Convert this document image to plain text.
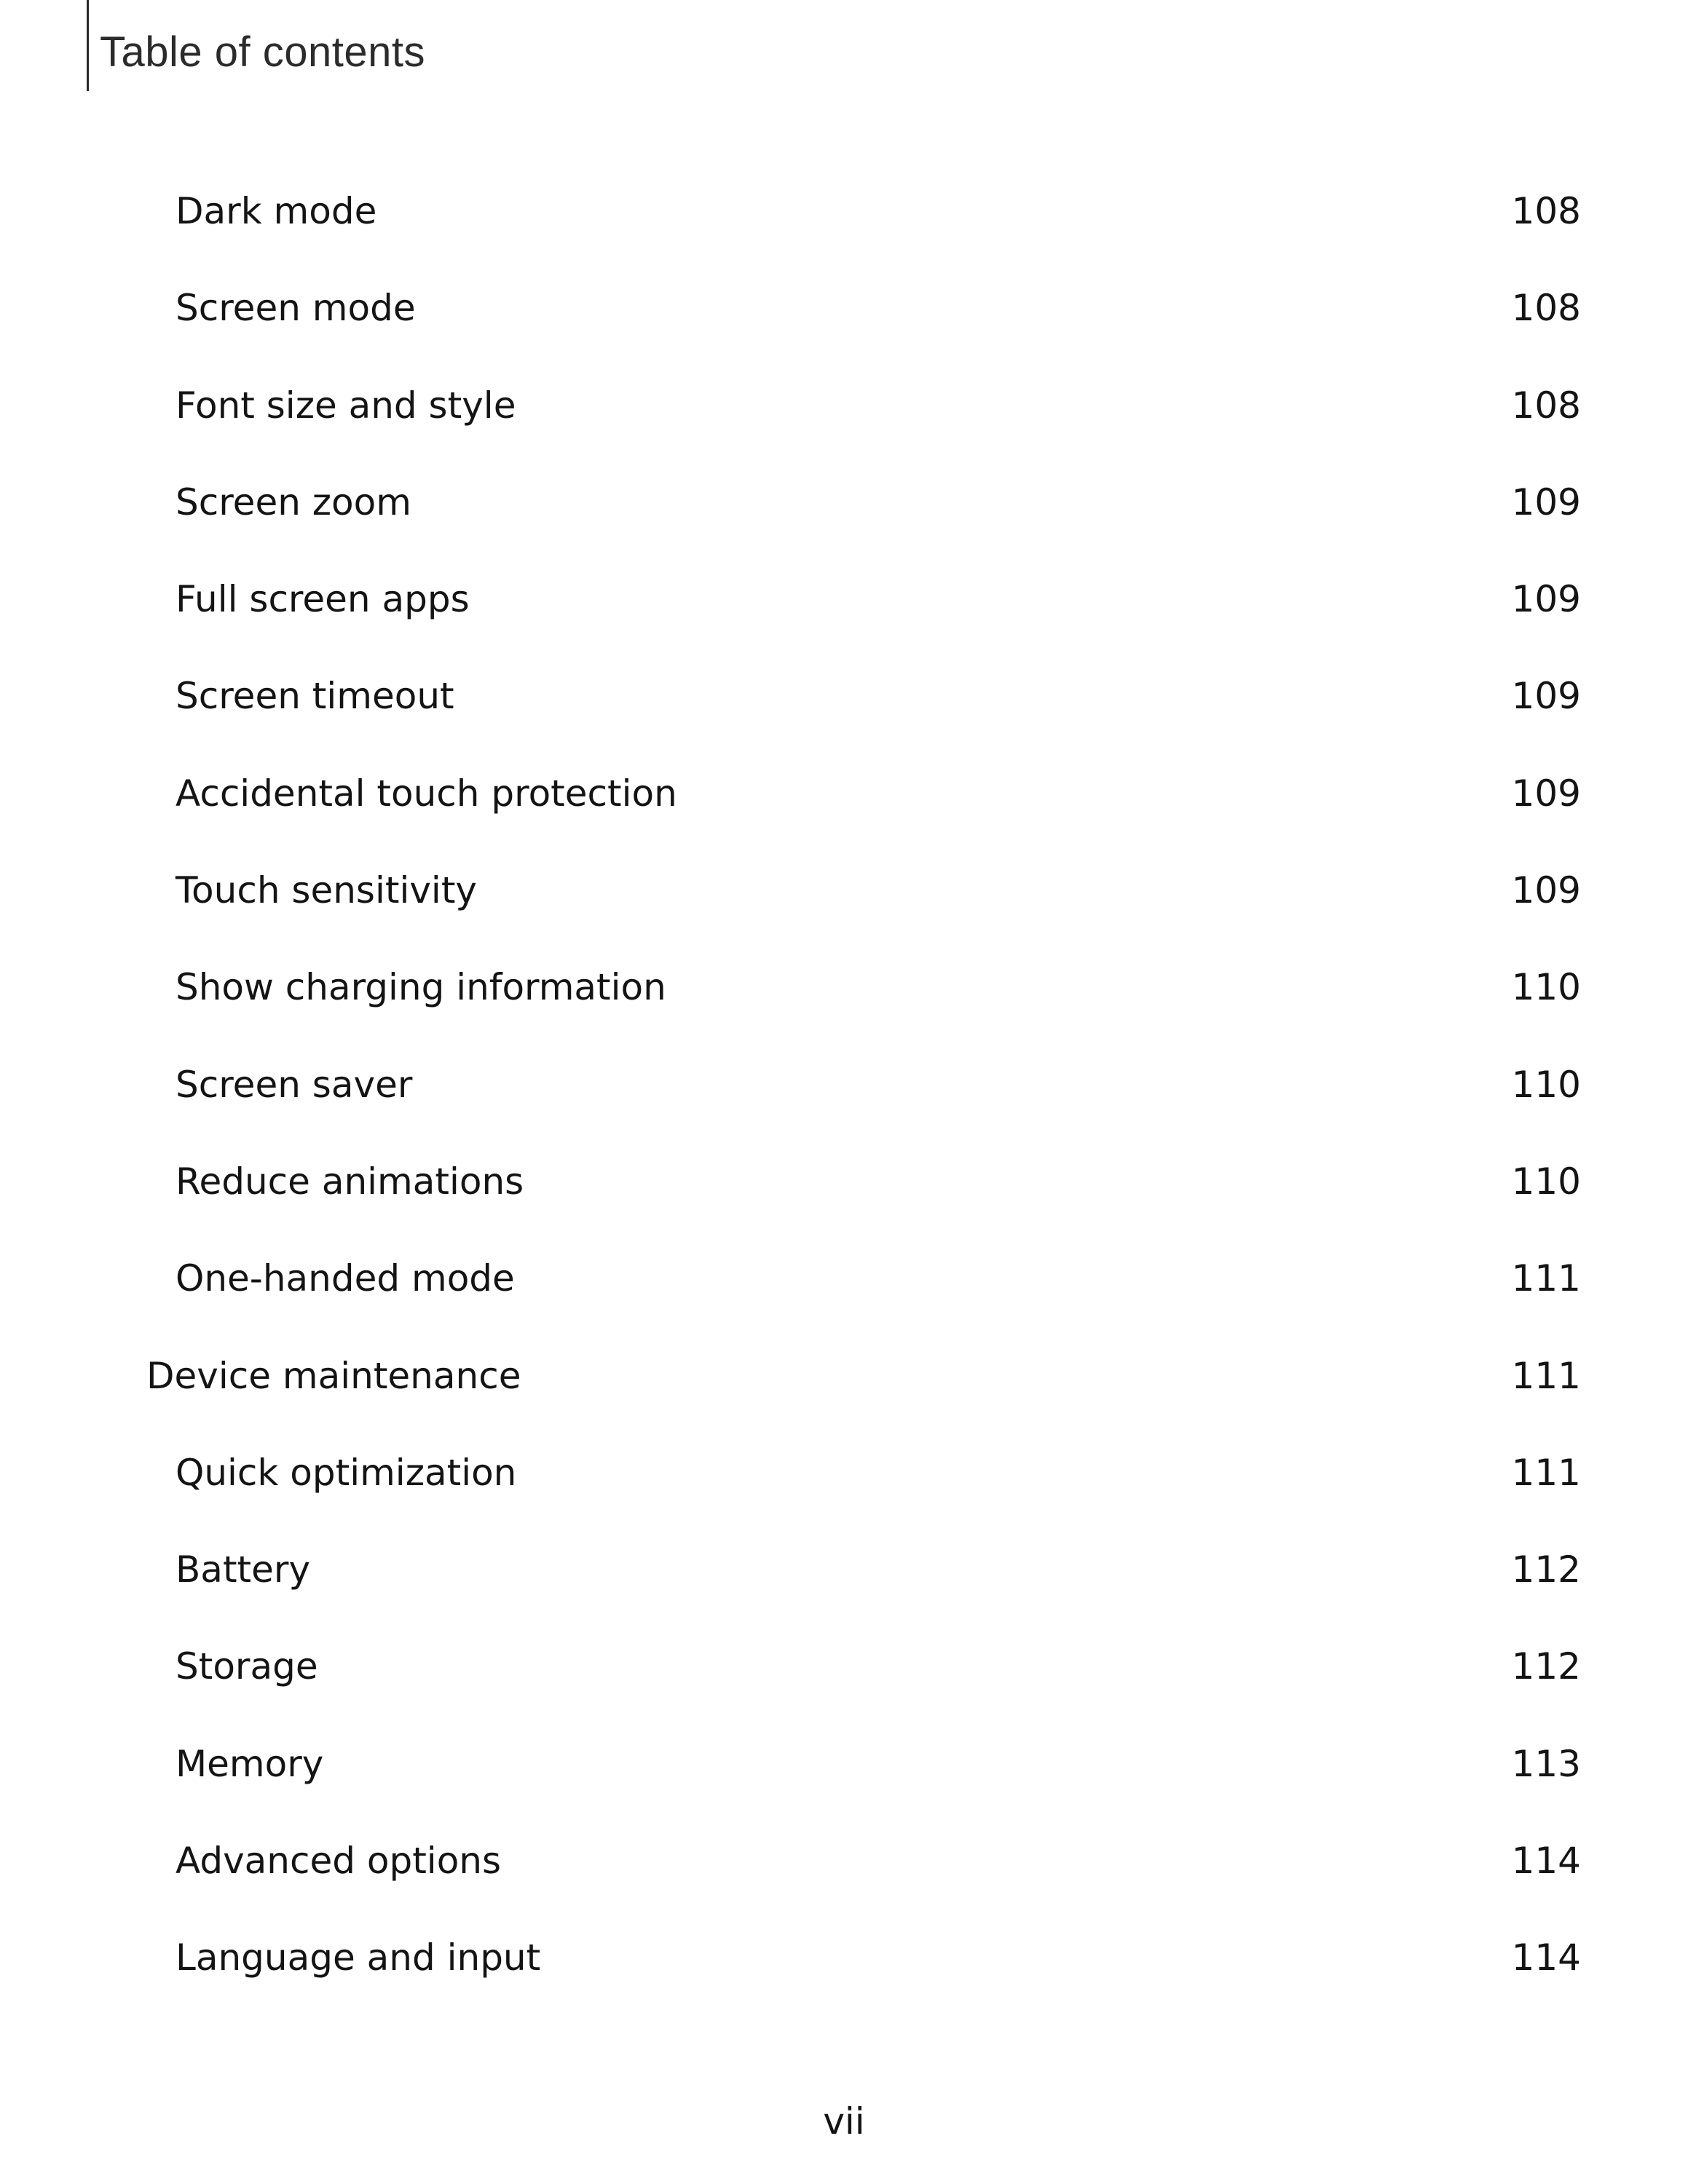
Table of contents
Dark mode	108
Screen mode	108
Font size and style	108
Screen zoom	109
Full screen apps	109
Screen timeout	109
Accidental touch protection	109
Touch sensitivity	109
Show charging information	110
Screen saver	110
Reduce animations	110
One-handed mode	111
Device maintenance	111
Quick optimization	111
Battery	112
Storage	112
Memory	113
Advanced options	114
Language and input	114
vii
